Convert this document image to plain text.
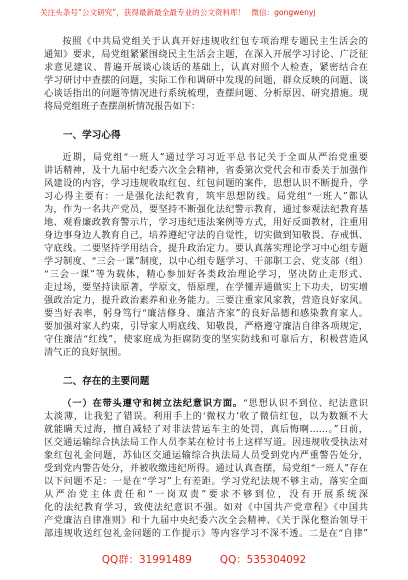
关注头条号“公文研究”，获得最新最全最专业的公文资料库！ 微信：gongwenyj
按照《中共局党组关于认真开好违规收红包专项治理专题民主生活会的
通知》要求，局党组紧紧围绕民主生活会主题，在深入开展学习讨论、广泛征
求意见建议、普遍开展谈心谈话的基础上，认真对照个人检查，紧密结合在
学习研讨中查摆的问题，实际工作和调研中发现的问题，群众反映的问题、谈
心谈话指出的问题等情况进行系统梳理，查摆问题、分析原因、研究措施。现
将局党组班子查摆剖析情况报告如下：
一、学习心得
近期，局党组“一班人”通过学习习近平总书记关于全面从严治党重要
讲话精神，及十九届中纪委六次全会精神，省委第次党代会和市委关于加强作
风建设的内容，学习违规收取红包、红包问题的案件，思想认识不断提升，学
习心得主要有：一是强化法纪教育，筑牢思想防线。局党组“一班人”都认
为，作为一名共产党员，要坚持不断强化法纪警示教育，通过参观法纪教育基
地、观看廉政教育警示片，学习违纪违法案例等方式，用好反面教材，注重用
身边事身边人教育自己，培养遵纪守法的自觉性，切实做到知敬畏、存戒惧、
守底线。二要坚持学用结合，提升政治定力。要认真落实理论学习中心组专题
学习制度、“三会一课”制度，以中心组专题学习、干部职工会、党支部（组）
“三会一课”等为载体，精心参加好各类政治理论学习，坚决防止走形式、
走过场，要坚持读原著，学原文，悟原理，在学懂弄通做实上下功夫，切实增
强政治定力，提升政治素养和业务能力。三要注重家风家教，营造良好家风。
要当好表率，躬身笃行“廉洁修身、廉洁齐家”的良好品德和感染教育家人。
要加强对家人约束，引导家人明底线、知敬畏，严格遵守廉洁自律各项规定，
守住廉洁“红线”，使家庭成为拒腐防变的坚实防线和可靠后方，积极营造风
清气正的良好氛围。
二、存在的主要问题
（一）在带头遵守和树立法纪意识方面。“思想认识不到位、纪法意识
太淡薄，让我犯了错误。利用手上的‘微权力’收了微信红包，以为数额不大
就能瞒天过海，擅自减轻了对非法营运车主的处罚，真后悔啊……。”日前，
区交通运输综合执法局工作人员李某在检讨书上这样写道。因违规收受执法对
象红包礼金问题，苏仙区交通运输综合执法局人员受到党内严重警告处分，
受到党内警告处分，并被收缴违纪所得。通过认真查摆，局党组“一班人”存在
以下问题不足：一是在“学习”上有差距。学习党纪法规不够主动，落实全面
从严治党主体责任和“一岗双责”要求不够到位，没有开展系统深
化的法纪教育学习，致使法纪意识不强。如对《中国共产党章程》《中国共
产党廉洁自律准则》和十九届中央纪委六次全会精神、《关于深化整治领导干
部违规收送红包礼金问题的工作提示》等内容学习不深不透。二是在“自律”
QQ群：31991489	QQ：535304092
